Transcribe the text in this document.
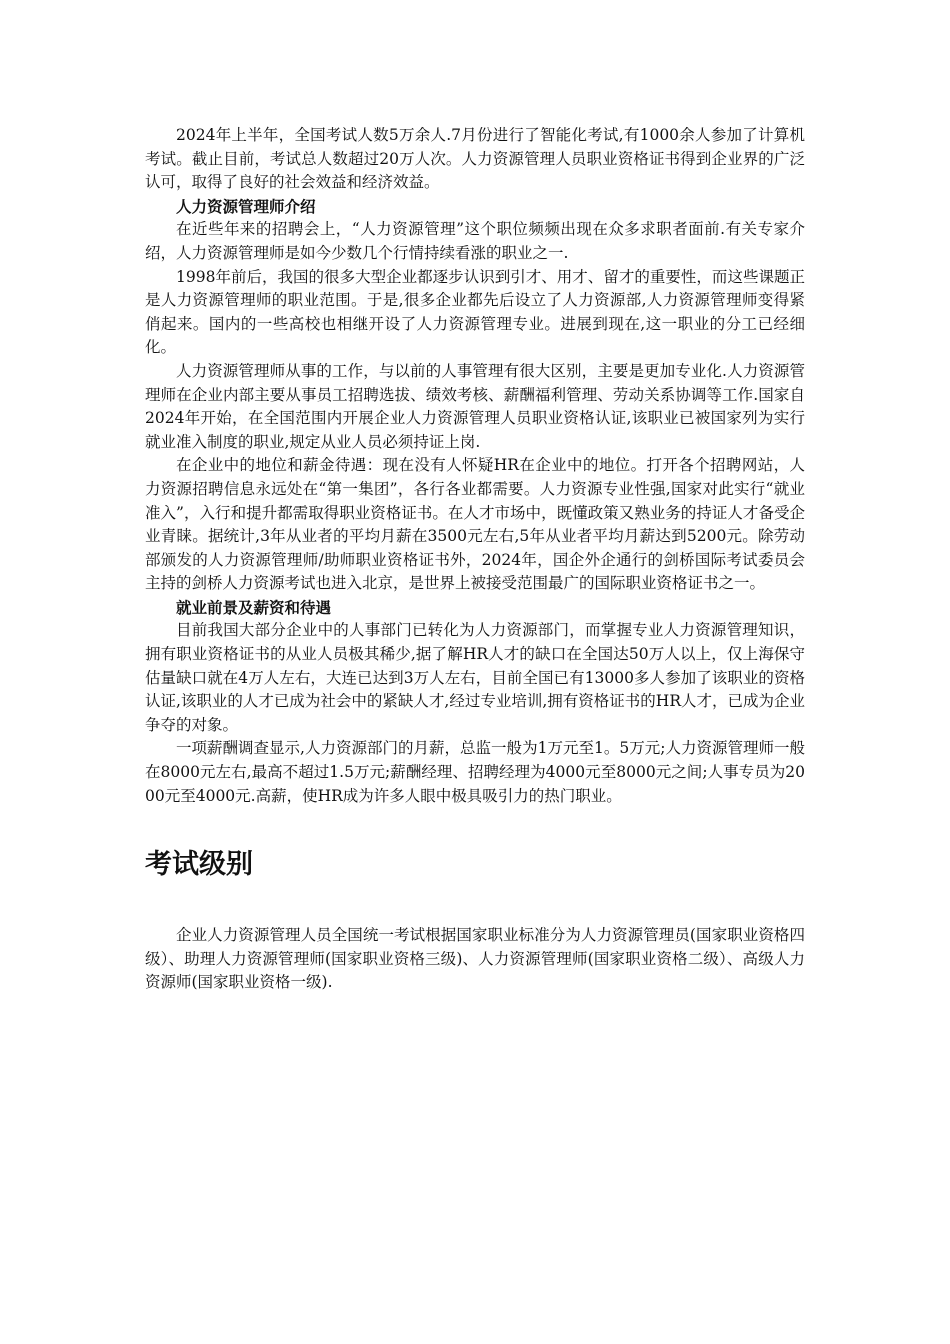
2024年上半年，全国考试人数5万余人.7月份进行了智能化考试,有1000余人参加了计算机考试。截止目前，考试总人数超过20万人次。人力资源管理人员职业资格证书得到企业界的广泛认可，取得了良好的社会效益和经济效益。

人力资源管理师介绍

在近些年来的招聘会上，“人力资源管理”这个职位频频出现在众多求职者面前.有关专家介绍，人力资源管理师是如今少数几个行情持续看涨的职业之一.

1998年前后，我国的很多大型企业都逐步认识到引才、用才、留才的重要性，而这些课题正是人力资源管理师的职业范围。于是,很多企业都先后设立了人力资源部,人力资源管理师变得紧俏起来。国内的一些高校也相继开设了人力资源管理专业。进展到现在,这一职业的分工已经细化。

人力资源管理师从事的工作，与以前的人事管理有很大区别，主要是更加专业化.人力资源管理师在企业内部主要从事员工招聘选拔、绩效考核、薪酬福利管理、劳动关系协调等工作.国家自2024年开始，在全国范围内开展企业人力资源管理人员职业资格认证,该职业已被国家列为实行就业准入制度的职业,规定从业人员必须持证上岗.

在企业中的地位和薪金待遇：现在没有人怀疑HR在企业中的地位。打开各个招聘网站，人力资源招聘信息永远处在“第一集团”，各行各业都需要。人力资源专业性强,国家对此实行“就业准入”，入行和提升都需取得职业资格证书。在人才市场中，既懂政策又熟业务的持证人才备受企业青睐。据统计,3年从业者的平均月薪在3500元左右,5年从业者平均月薪达到5200元。除劳动部颁发的人力资源管理师/助师职业资格证书外，2024年，国企外企通行的剑桥国际考试委员会主持的剑桥人力资源考试也进入北京，是世界上被接受范围最广的国际职业资格证书之一。

就业前景及薪资和待遇

目前我国大部分企业中的人事部门已转化为人力资源部门，而掌握专业人力资源管理知识，拥有职业资格证书的从业人员极其稀少,据了解HR人才的缺口在全国达50万人以上，仅上海保守估量缺口就在4万人左右，大连已达到3万人左右，目前全国已有13000多人参加了该职业的资格认证,该职业的人才已成为社会中的紧缺人才,经过专业培训,拥有资格证书的HR人才，已成为企业争夺的对象。

一项薪酬调查显示,人力资源部门的月薪，总监一般为1万元至1。5万元;人力资源管理师一般在8000元左右,最高不超过1.5万元;薪酬经理、招聘经理为4000元至8000元之间;人事专员为2000元至4000元.高薪，使HR成为许多人眼中极具吸引力的热门职业。

考试级别

企业人力资源管理人员全国统一考试根据国家职业标准分为人力资源管理员(国家职业资格四级）、助理人力资源管理师(国家职业资格三级)、人力资源管理师(国家职业资格二级）、高级人力资源师(国家职业资格一级).
